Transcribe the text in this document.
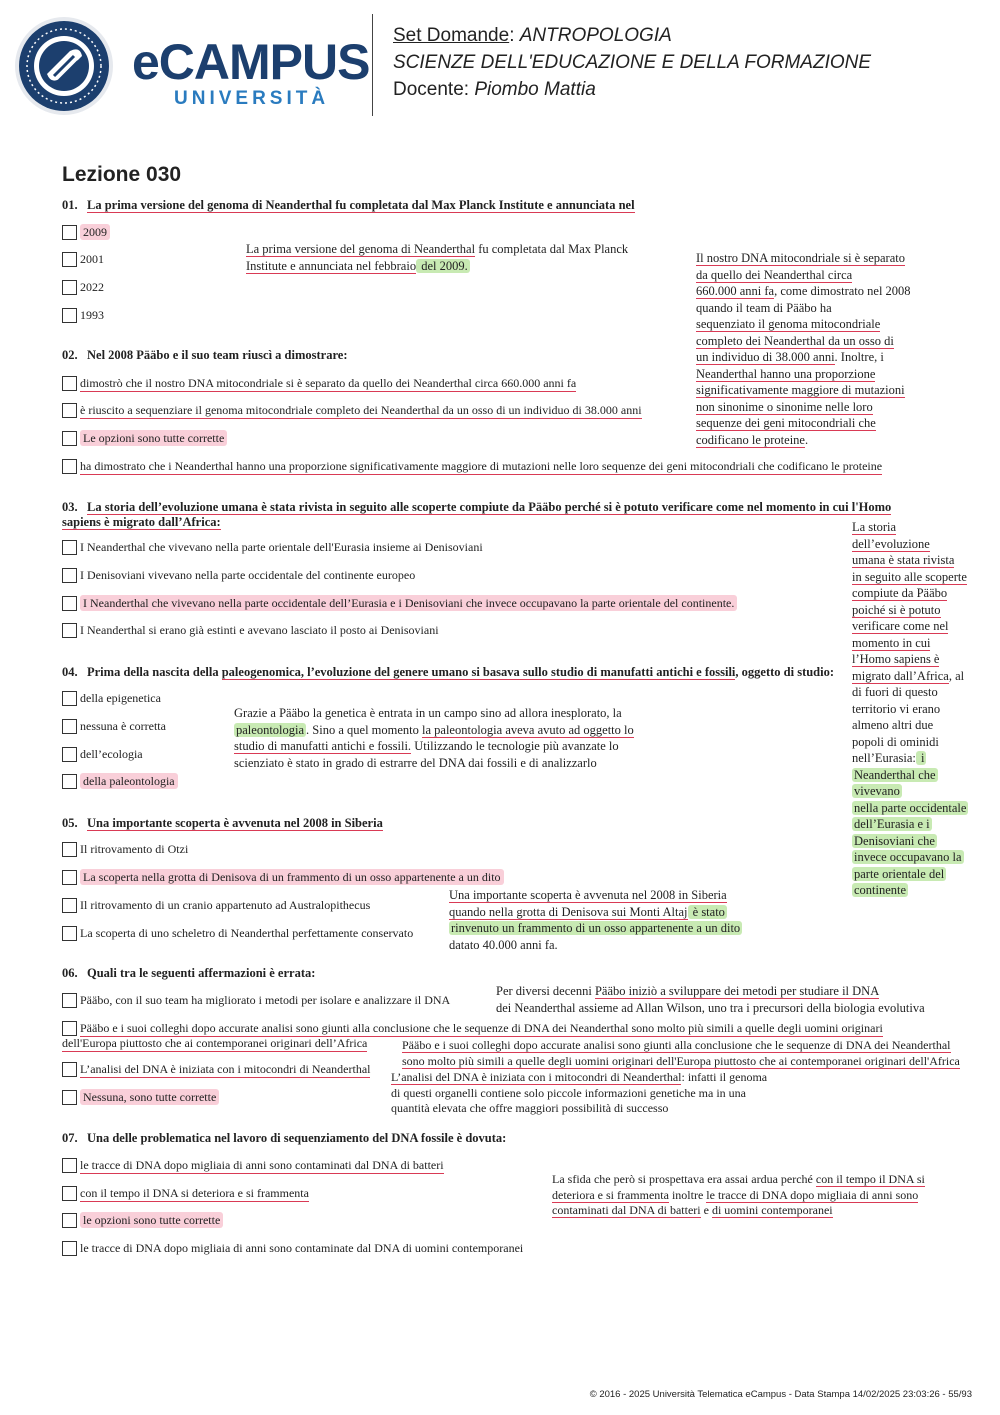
eCAMPUS
UNIVERSITÀ
Set Domande: ANTROPOLOGIA
SCIENZE DELL'EDUCAZIONE E DELLA FORMAZIONE
Docente: Piombo Mattia
Lezione 030
01. La prima versione del genoma di Neanderthal fu completata dal Max Planck Institute e annunciata nel
2009
2001
2022
1993
La prima versione del genoma di Neanderthal fu completata dal Max Planck
Institute e annunciata nel febbraio del 2009.
Il nostro DNA mitocondriale si è separato
da quello dei Neanderthal circa
660.000 anni fa, come dimostrato nel 2008
quando il team di Pääbo ha
sequenziato il genoma mitocondriale
completo dei Neanderthal da un osso di
un individuo di 38.000 anni. Inoltre, i
Neanderthal hanno una proporzione
significativamente maggiore di mutazioni
non sinonime o sinonime nelle loro
sequenze dei geni mitocondriali che
codificano le proteine.
02. Nel 2008 Pääbo e il suo team riuscì a dimostrare:
dimostrò che il nostro DNA mitocondriale si è separato da quello dei Neanderthal circa 660.000 anni fa
è riuscito a sequenziare il genoma mitocondriale completo dei Neanderthal da un osso di un individuo di 38.000 anni
Le opzioni sono tutte corrette
ha dimostrato che i Neanderthal hanno una proporzione significativamente maggiore di mutazioni nelle loro sequenze dei geni mitocondriali che codificano le proteine
03. La storia dell’evoluzione umana è stata rivista in seguito alle scoperte compiute da Pääbo perché si è potuto verificare come nel momento in cui l'Homo
sapiens è migrato dall’Africa:
I Neanderthal che vivevano nella parte orientale dell'Eurasia insieme ai Denisoviani
I Denisoviani vivevano nella parte occidentale del continente europeo
I Neanderthal che vivevano nella parte occidentale dell’Eurasia e i Denisoviani che invece occupavano la parte orientale del continente.
I Neanderthal si erano già estinti e avevano lasciato il posto ai Denisoviani
La storia
dell’evoluzione
umana è stata rivista
in seguito alle scoperte
compiute da Pääbo
poiché si è potuto
verificare come nel
momento in cui
l’Homo sapiens è
migrato dall’Africa, al
di fuori di questo
territorio vi erano
almeno altri due
popoli di ominidi
nell’Eurasia: i
Neanderthal che
vivevano
nella parte occidentale
dell’Eurasia e i
Denisoviani che
invece occupavano la
parte orientale del
continente
04. Prima della nascita della paleogenomica, l’evoluzione del genere umano si basava sullo studio di manufatti antichi e fossili, oggetto di studio:
della epigenetica
nessuna è corretta
dell’ecologia
della paleontologia
Grazie a Pääbo la genetica è entrata in un campo sino ad allora inesplorato, la
paleontologia . Sino a quel momento la paleontologia aveva avuto ad oggetto lo
studio di manufatti antichi e fossili. Utilizzando le tecnologie più avanzate lo
scienziato è stato in grado di estrarre del DNA dai fossili e di analizzarlo
05. Una importante scoperta è avvenuta nel 2008 in Siberia
Il ritrovamento di Otzi
La scoperta nella grotta di Denisova di un frammento di un osso appartenente a un dito
Il ritrovamento di un cranio appartenuto ad Australopithecus
La scoperta di uno scheletro di Neanderthal perfettamente conservato
Una importante scoperta è avvenuta nel 2008 in Siberia
quando nella grotta di Denisova sui Monti Altaj è stato
rinvenuto un frammento di un osso appartenente a un dito
datato 40.000 anni fa.
06. Quali tra le seguenti affermazioni è errata:
Pääbo, con il suo team ha migliorato i metodi per isolare e analizzare il DNA
Pääbo e i suoi colleghi dopo accurate analisi sono giunti alla conclusione che le sequenze di DNA dei Neanderthal sono molto più simili a quelle degli uomini originari
dell'Europa piuttosto che ai contemporanei originari dell’Africa
L’analisi del DNA è iniziata con i mitocondri di Neanderthal
Nessuna, sono tutte corrette
Per diversi decenni Pääbo iniziò a sviluppare dei metodi per studiare il DNA
dei Neanderthal assieme ad Allan Wilson, uno tra i precursori della biologia evolutiva
Pääbo e i suoi colleghi dopo accurate analisi sono giunti alla conclusione che le sequenze di DNA dei Neanderthal
sono molto più simili a quelle degli uomini originari dell'Europa piuttosto che ai contemporanei originari dell'Africa
L’analisi del DNA è iniziata con i mitocondri di Neanderthal: infatti il genoma
di questi organelli contiene solo piccole informazioni genetiche ma in una
quantità elevata che offre maggiori possibilità di successo
07. Una delle problematica nel lavoro di sequenziamento del DNA fossile è dovuta:
le tracce di DNA dopo migliaia di anni sono contaminati dal DNA di batteri
con il tempo il DNA si deteriora e si frammenta
le opzioni sono tutte corrette
le tracce di DNA dopo migliaia di anni sono contaminate dal DNA di uomini contemporanei
La sfida che però si prospettava era assai ardua perché con il tempo il DNA si
deteriora e si frammenta inoltre le tracce di DNA dopo migliaia di anni sono
contaminati dal DNA di batteri e di uomini contemporanei
© 2016 - 2025 Università Telematica eCampus - Data Stampa 14/02/2025 23:03:26 - 55/93
